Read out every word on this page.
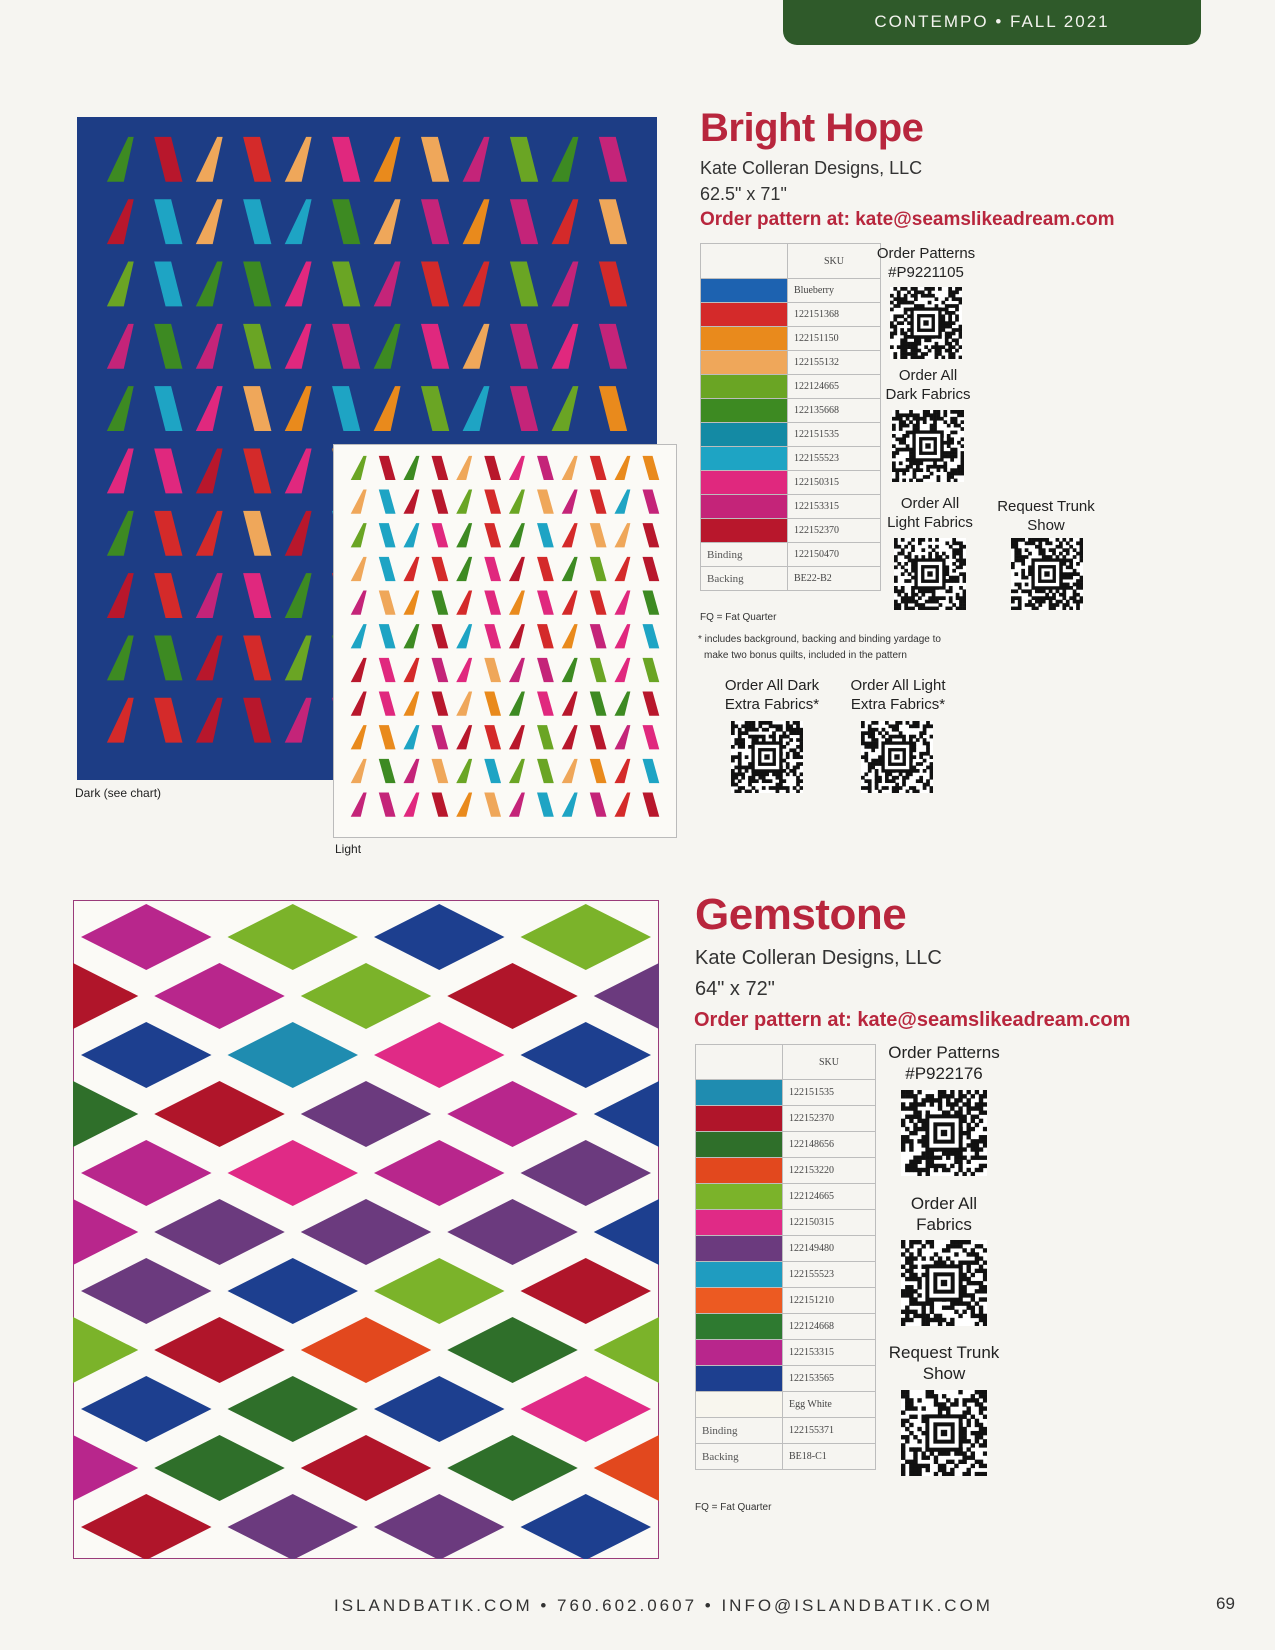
CONTEMPO • FALL 2021
Dark (see chart)
Light
Bright Hope
Kate Colleran Designs, LLC
62.5" x 71"
Order pattern at: kate@seamslikeadream.com
	SKU
	Blueberry
	122151368
	122151150
	122155132
	122124665
	122135668
	122151535
	122155523
	122150315
	122153315
	122152370
Binding	122150470
Backing	BE22-B2
FQ = Fat Quarter
* includes background, backing and binding yardage to
make two bonus quilts, included in the pattern
Order Patterns
#P9221105
Order All
Dark Fabrics
Order All
Light Fabrics
Request Trunk
Show
Order All Dark
Extra Fabrics*
Order All Light
Extra Fabrics*
Gemstone
Kate Colleran Designs, LLC
64" x 72"
Order pattern at: kate@seamslikeadream.com
	SKU
	122151535
	122152370
	122148656
	122153220
	122124665
	122150315
	122149480
	122155523
	122151210
	122124668
	122153315
	122153565
	Egg White
Binding	122155371
Backing	BE18-C1
FQ = Fat Quarter
Order Patterns
#P922176
Order All
Fabrics
Request Trunk
Show
ISLANDBATIK.COM • 760.602.0607 • INFO@ISLANDBATIK.COM	69
